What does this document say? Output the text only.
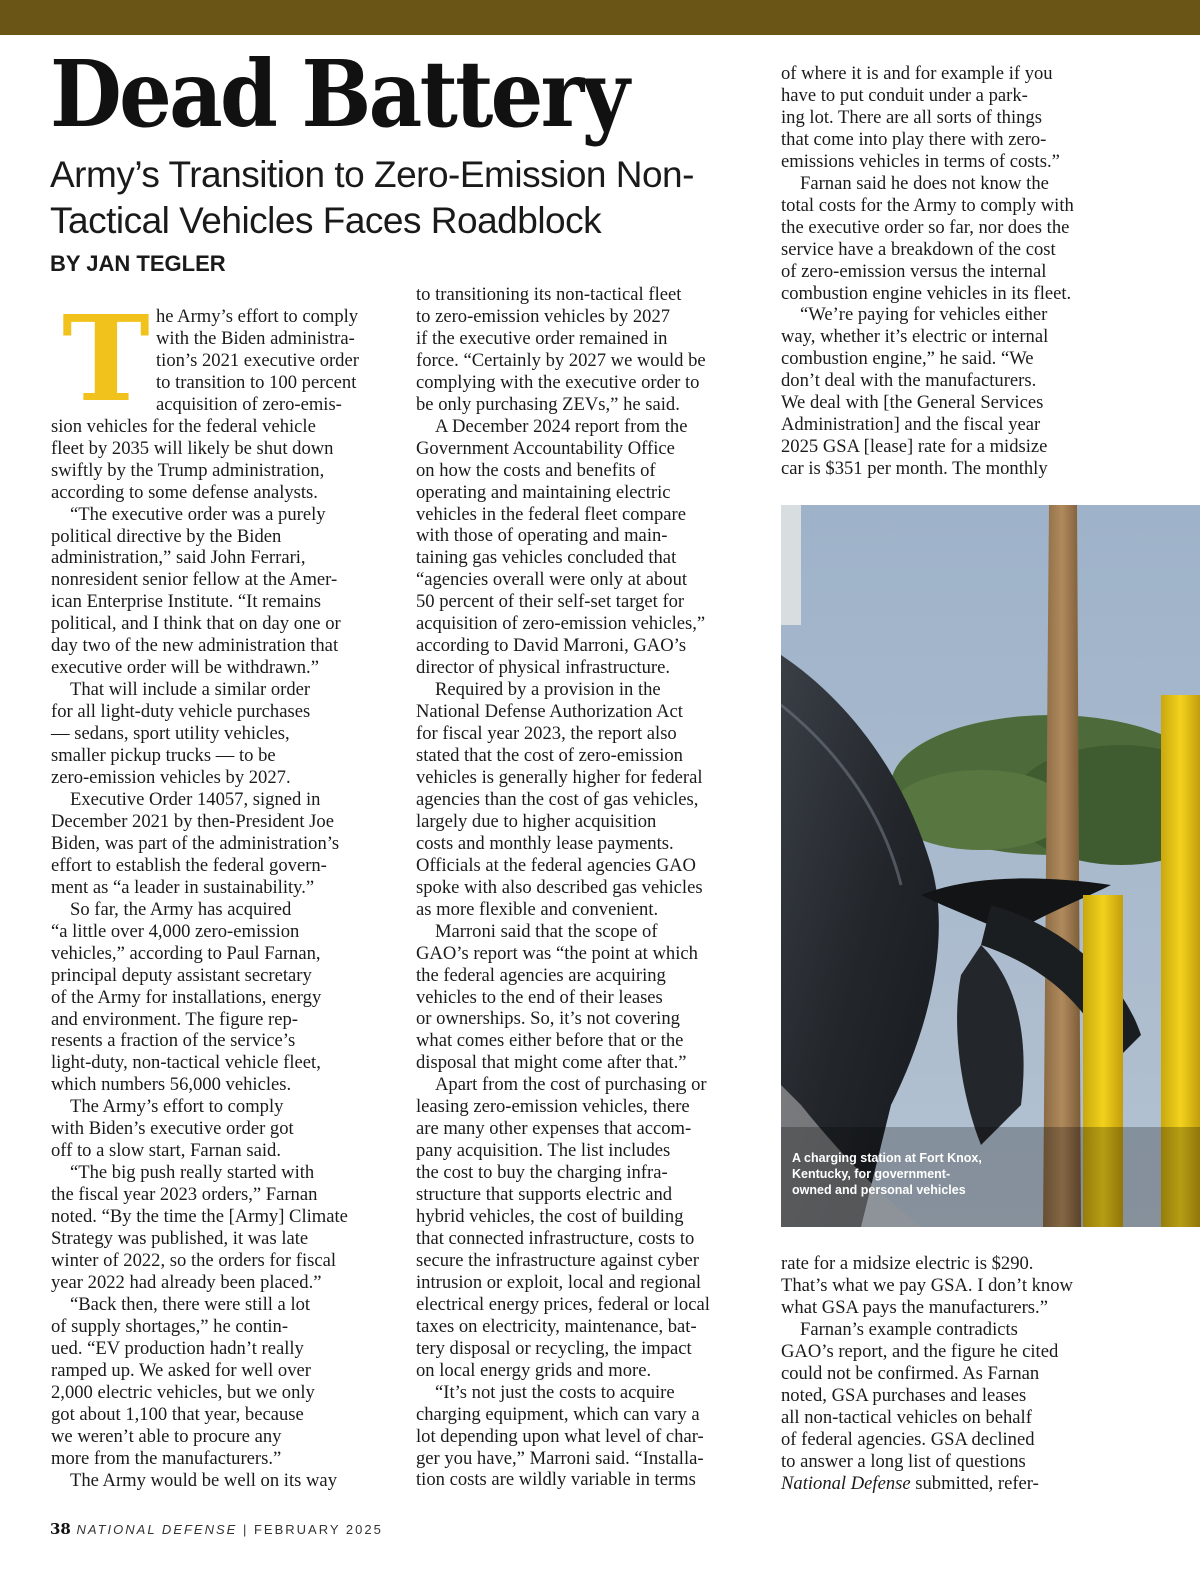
Dead Battery
Army’s Transition to Zero-Emission Non-Tactical Vehicles Faces Roadblock
BY JAN TEGLER
T he Army’s effort to comply
with the Biden administra-
tion’s 2021 executive order
to transition to 100 percent
acquisition of zero-emis-
sion vehicles for the federal vehicle
fleet by 2035 will likely be shut down
swiftly by the Trump administration,
according to some defense analysts.
“The executive order was a purely
political directive by the Biden
administration,” said John Ferrari,
nonresident senior fellow at the Amer-
ican Enterprise Institute. “It remains
political, and I think that on day one or
day two of the new administration that
executive order will be withdrawn.”
That will include a similar order
for all light-duty vehicle purchases
— sedans, sport utility vehicles,
smaller pickup trucks — to be
zero-emission vehicles by 2027.
Executive Order 14057, signed in
December 2021 by then-President Joe
Biden, was part of the administration’s
effort to establish the federal govern-
ment as “a leader in sustainability.”
So far, the Army has acquired
“a little over 4,000 zero-emission
vehicles,” according to Paul Farnan,
principal deputy assistant secretary
of the Army for installations, energy
and environment. The figure rep-
resents a fraction of the service’s
light-duty, non-tactical vehicle fleet,
which numbers 56,000 vehicles.
The Army’s effort to comply
with Biden’s executive order got
off to a slow start, Farnan said.
“The big push really started with
the fiscal year 2023 orders,” Farnan
noted. “By the time the [Army] Climate
Strategy was published, it was late
winter of 2022, so the orders for fiscal
year 2022 had already been placed.”
“Back then, there were still a lot
of supply shortages,” he contin-
ued. “EV production hadn’t really
ramped up. We asked for well over
2,000 electric vehicles, but we only
got about 1,100 that year, because
we weren’t able to procure any
more from the manufacturers.”
The Army would be well on its way
to transitioning its non-tactical fleet
to zero-emission vehicles by 2027
if the executive order remained in
force. “Certainly by 2027 we would be
complying with the executive order to
be only purchasing ZEVs,” he said.
A December 2024 report from the
Government Accountability Office
on how the costs and benefits of
operating and maintaining electric
vehicles in the federal fleet compare
with those of operating and main-
taining gas vehicles concluded that
“agencies overall were only at about
50 percent of their self-set target for
acquisition of zero-emission vehicles,”
according to David Marroni, GAO’s
director of physical infrastructure.
Required by a provision in the
National Defense Authorization Act
for fiscal year 2023, the report also
stated that the cost of zero-emission
vehicles is generally higher for federal
agencies than the cost of gas vehicles,
largely due to higher acquisition
costs and monthly lease payments.
Officials at the federal agencies GAO
spoke with also described gas vehicles
as more flexible and convenient.
Marroni said that the scope of
GAO’s report was “the point at which
the federal agencies are acquiring
vehicles to the end of their leases
or ownerships. So, it’s not covering
what comes either before that or the
disposal that might come after that.”
Apart from the cost of purchasing or
leasing zero-emission vehicles, there
are many other expenses that accom-
pany acquisition. The list includes
the cost to buy the charging infra-
structure that supports electric and
hybrid vehicles, the cost of building
that connected infrastructure, costs to
secure the infrastructure against cyber
intrusion or exploit, local and regional
electrical energy prices, federal or local
taxes on electricity, maintenance, bat-
tery disposal or recycling, the impact
on local energy grids and more.
“It’s not just the costs to acquire
charging equipment, which can vary a
lot depending upon what level of char-
ger you have,” Marroni said. “Installa-
tion costs are wildly variable in terms
of where it is and for example if you
have to put conduit under a park-
ing lot. There are all sorts of things
that come into play there with zero-
emissions vehicles in terms of costs.”
Farnan said he does not know the
total costs for the Army to comply with
the executive order so far, nor does the
service have a breakdown of the cost
of zero-emission versus the internal
combustion engine vehicles in its fleet.
“We’re paying for vehicles either
way, whether it’s electric or internal
combustion engine,” he said. “We
don’t deal with the manufacturers.
We deal with [the General Services
Administration] and the fiscal year
2025 GSA [lease] rate for a midsize
car is $351 per month. The monthly
rate for a midsize electric is $290.
That’s what we pay GSA. I don’t know
what GSA pays the manufacturers.”
Farnan’s example contradicts
GAO’s report, and the figure he cited
could not be confirmed. As Farnan
noted, GSA purchases and leases
all non-tactical vehicles on behalf
of federal agencies. GSA declined
to answer a long list of questions
National Defense submitted, refer-
A charging station at Fort Knox, Kentucky, for government-owned and personal vehicles
38 NATIONAL DEFENSE | FEBRUARY 2025
